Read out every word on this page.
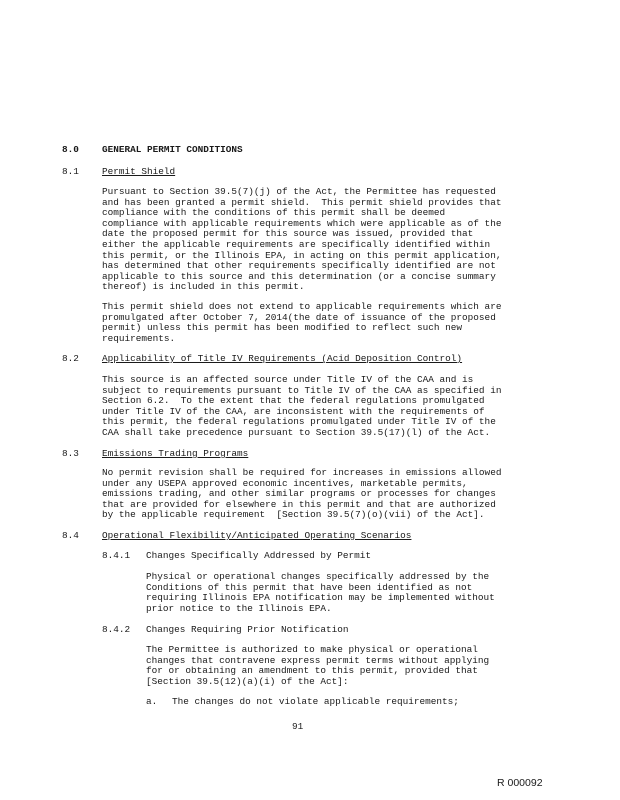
8.0 GENERAL PERMIT CONDITIONS
8.1 Permit Shield
Pursuant to Section 39.5(7)(j) of the Act, the Permittee has requested
and has been granted a permit shield.  This permit shield provides that
compliance with the conditions of this permit shall be deemed
compliance with applicable requirements which were applicable as of the
date the proposed permit for this source was issued, provided that
either the applicable requirements are specifically identified within
this permit, or the Illinois EPA, in acting on this permit application,
has determined that other requirements specifically identified are not
applicable to this source and this determination (or a concise summary
thereof) is included in this permit.
This permit shield does not extend to applicable requirements which are
promulgated after October 7, 2014(the date of issuance of the proposed
permit) unless this permit has been modified to reflect such new
requirements.
8.2 Applicability of Title IV Requirements (Acid Deposition Control)
This source is an affected source under Title IV of the CAA and is
subject to requirements pursuant to Title IV of the CAA as specified in
Section 6.2.  To the extent that the federal regulations promulgated
under Title IV of the CAA, are inconsistent with the requirements of
this permit, the federal regulations promulgated under Title IV of the
CAA shall take precedence pursuant to Section 39.5(17)(l) of the Act.
8.3 Emissions Trading Programs
No permit revision shall be required for increases in emissions allowed
under any USEPA approved economic incentives, marketable permits,
emissions trading, and other similar programs or processes for changes
that are provided for elsewhere in this permit and that are authorized
by the applicable requirement  [Section 39.5(7)(o)(vii) of the Act].
8.4 Operational Flexibility/Anticipated Operating Scenarios
8.4.1 Changes Specifically Addressed by Permit
Physical or operational changes specifically addressed by the
Conditions of this permit that have been identified as not
requiring Illinois EPA notification may be implemented without
prior notice to the Illinois EPA.
8.4.2 Changes Requiring Prior Notification
The Permittee is authorized to make physical or operational
changes that contravene express permit terms without applying
for or obtaining an amendment to this permit, provided that
[Section 39.5(12)(a)(i) of the Act]:
a. The changes do not violate applicable requirements;
91
R 000092
